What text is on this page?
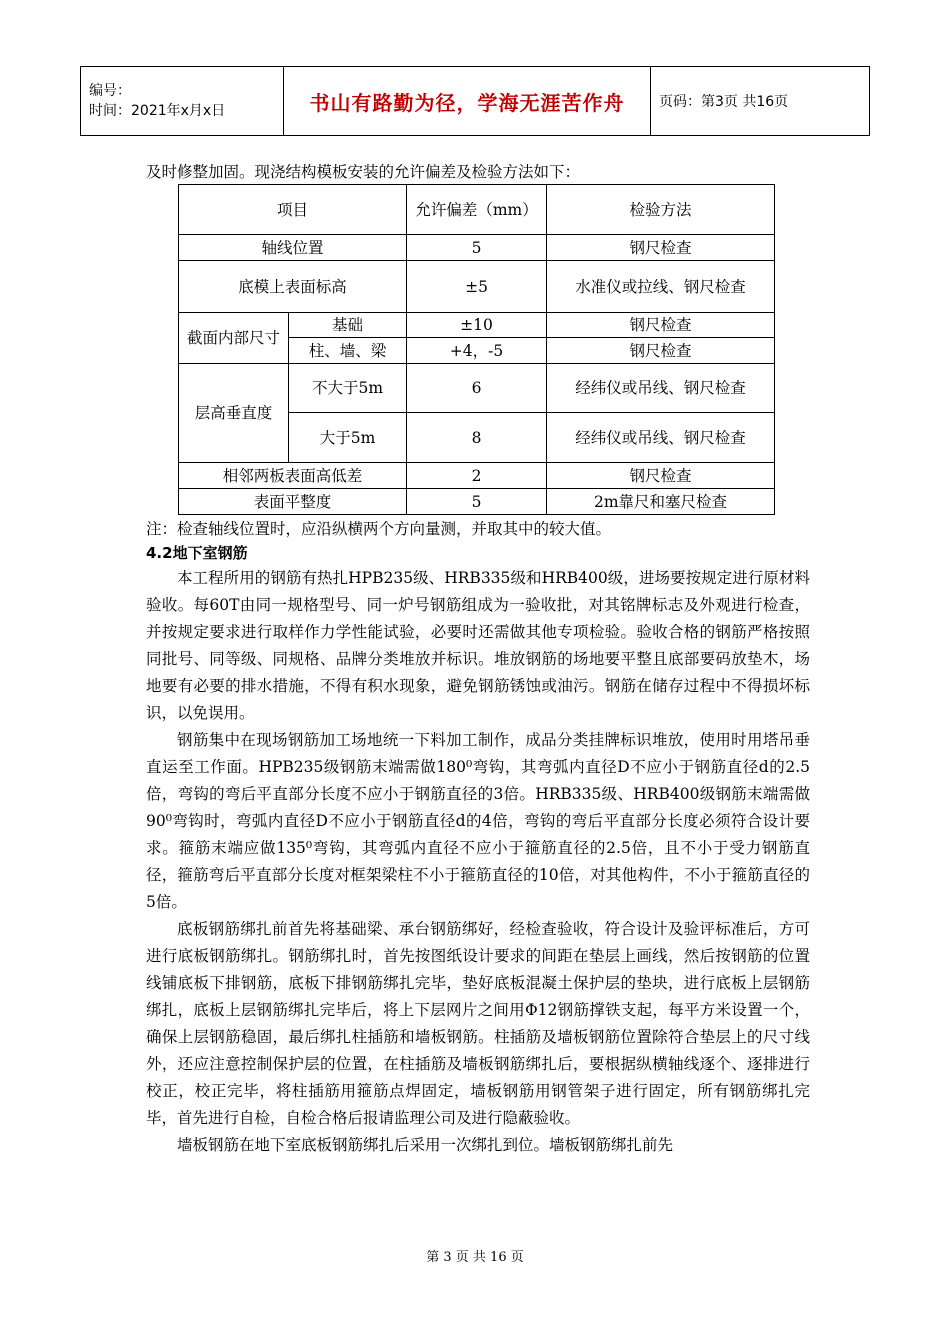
编号：
时间：2021年x月x日	书山有路勤为径，学海无涯苦作舟	页码：第3页 共16页

及时修整加固。现浇结构模板安装的允许偏差及检验方法如下：

项目		允许偏差（mm）	检验方法
轴线位置		5	钢尺检查
底模上表面标高		±5	水准仪或拉线、钢尺检查
截面内部尺寸	基础	±10	钢尺检查
	柱、墙、梁	+4，-5	钢尺检查
层高垂直度	不大于5m	6	经纬仪或吊线、钢尺检查
	大于5m	8	经纬仪或吊线、钢尺检查
相邻两板表面高低差		2	钢尺检查
表面平整度		5	2m靠尺和塞尺检查

注：检查轴线位置时，应沿纵横两个方向量测，并取其中的较大值。

4.2地下室钢筋

本工程所用的钢筋有热扎HPB235级、HRB335级和HRB400级，进场要按规定进行原材料验收。每60T由同一规格型号、同一炉号钢筋组成为一验收批，对其铭牌标志及外观进行检查，并按规定要求进行取样作力学性能试验，必要时还需做其他专项检验。验收合格的钢筋严格按照同批号、同等级、同规格、品牌分类堆放并标识。堆放钢筋的场地要平整且底部要码放垫木，场地要有必要的排水措施，不得有积水现象，避免钢筋锈蚀或油污。钢筋在储存过程中不得损坏标识，以免误用。

钢筋集中在现场钢筋加工场地统一下料加工制作，成品分类挂牌标识堆放，使用时用塔吊垂直运至工作面。HPB235级钢筋末端需做180⁰弯钩，其弯弧内直径D不应小于钢筋直径d的2.5倍，弯钩的弯后平直部分长度不应小于钢筋直径的3倍。HRB335级、HRB400级钢筋末端需做90⁰弯钩时，弯弧内直径D不应小于钢筋直径d的4倍，弯钩的弯后平直部分长度必须符合设计要求。箍筋末端应做135⁰弯钩，其弯弧内直径不应小于箍筋直径的2.5倍，且不小于受力钢筋直径，箍筋弯后平直部分长度对框架梁柱不小于箍筋直径的10倍，对其他构件，不小于箍筋直径的5倍。

底板钢筋绑扎前首先将基础梁、承台钢筋绑好，经检查验收，符合设计及验评标准后，方可进行底板钢筋绑扎。钢筋绑扎时，首先按图纸设计要求的间距在垫层上画线，然后按钢筋的位置线铺底板下排钢筋，底板下排钢筋绑扎完毕，垫好底板混凝土保护层的垫块，进行底板上层钢筋绑扎，底板上层钢筋绑扎完毕后，将上下层网片之间用Φ12钢筋撑铁支起，每平方米设置一个，确保上层钢筋稳固，最后绑扎柱插筋和墙板钢筋。柱插筋及墙板钢筋位置除符合垫层上的尺寸线外，还应注意控制保护层的位置，在柱插筋及墙板钢筋绑扎后，要根据纵横轴线逐个、逐排进行校正，校正完毕，将柱插筋用箍筋点焊固定，墙板钢筋用钢管架子进行固定，所有钢筋绑扎完毕，首先进行自检，自检合格后报请监理公司及进行隐蔽验收。

墙板钢筋在地下室底板钢筋绑扎后采用一次绑扎到位。墙板钢筋绑扎前先

第 3 页 共 16 页
